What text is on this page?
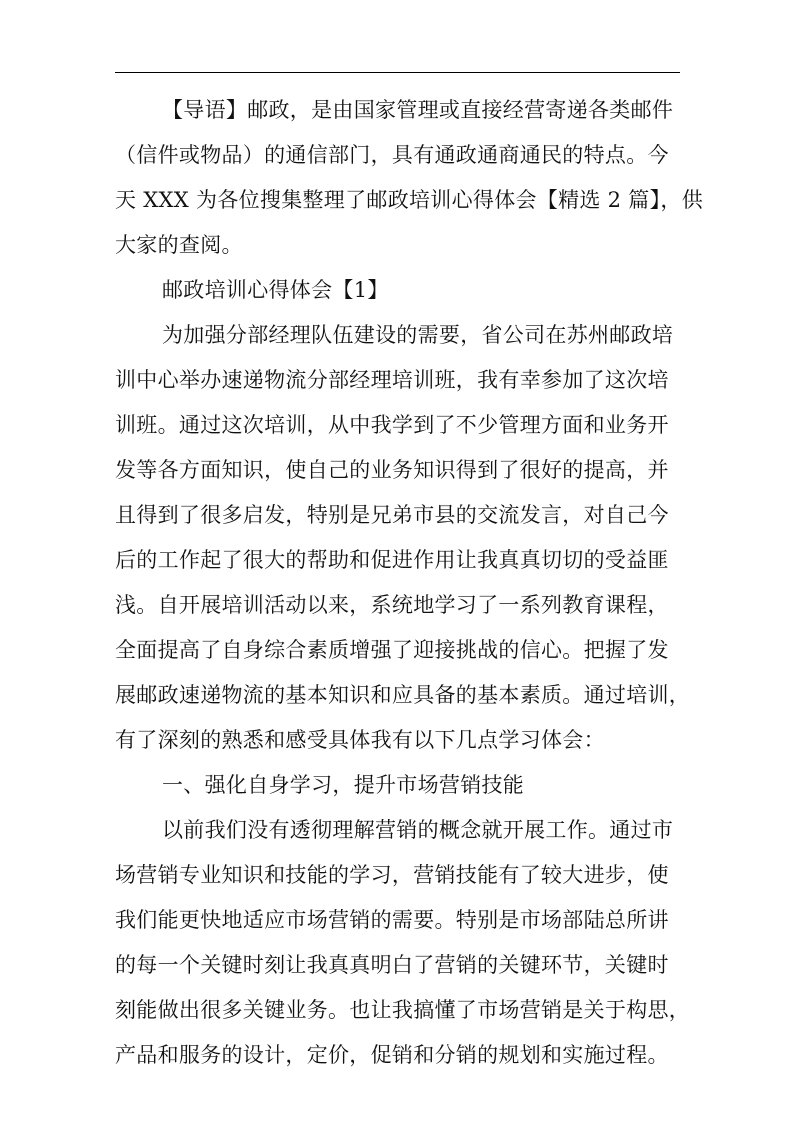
【导语】邮政，是由国家管理或直接经营寄递各类邮件
（信件或物品）的通信部门，具有通政通商通民的特点。今
天 XXX 为各位搜集整理了邮政培训心得体会【精选 2 篇】，供
大家的查阅。
邮政培训心得体会【1】
为加强分部经理队伍建设的需要，省公司在苏州邮政培
训中心举办速递物流分部经理培训班，我有幸参加了这次培
训班。通过这次培训，从中我学到了不少管理方面和业务开
发等各方面知识，使自己的业务知识得到了很好的提高，并
且得到了很多启发，特别是兄弟市县的交流发言，对自己今
后的工作起了很大的帮助和促进作用让我真真切切的受益匪
浅。自开展培训活动以来，系统地学习了一系列教育课程，
全面提高了自身综合素质增强了迎接挑战的信心。把握了发
展邮政速递物流的基本知识和应具备的基本素质。通过培训，
有了深刻的熟悉和感受具体我有以下几点学习体会：
一、强化自身学习，提升市场营销技能
以前我们没有透彻理解营销的概念就开展工作。通过市
场营销专业知识和技能的学习，营销技能有了较大进步，使
我们能更快地适应市场营销的需要。特别是市场部陆总所讲
的每一个关键时刻让我真真明白了营销的关键环节，关键时
刻能做出很多关键业务。也让我搞懂了市场营销是关于构思，
产品和服务的设计，定价，促销和分销的规划和实施过程。
